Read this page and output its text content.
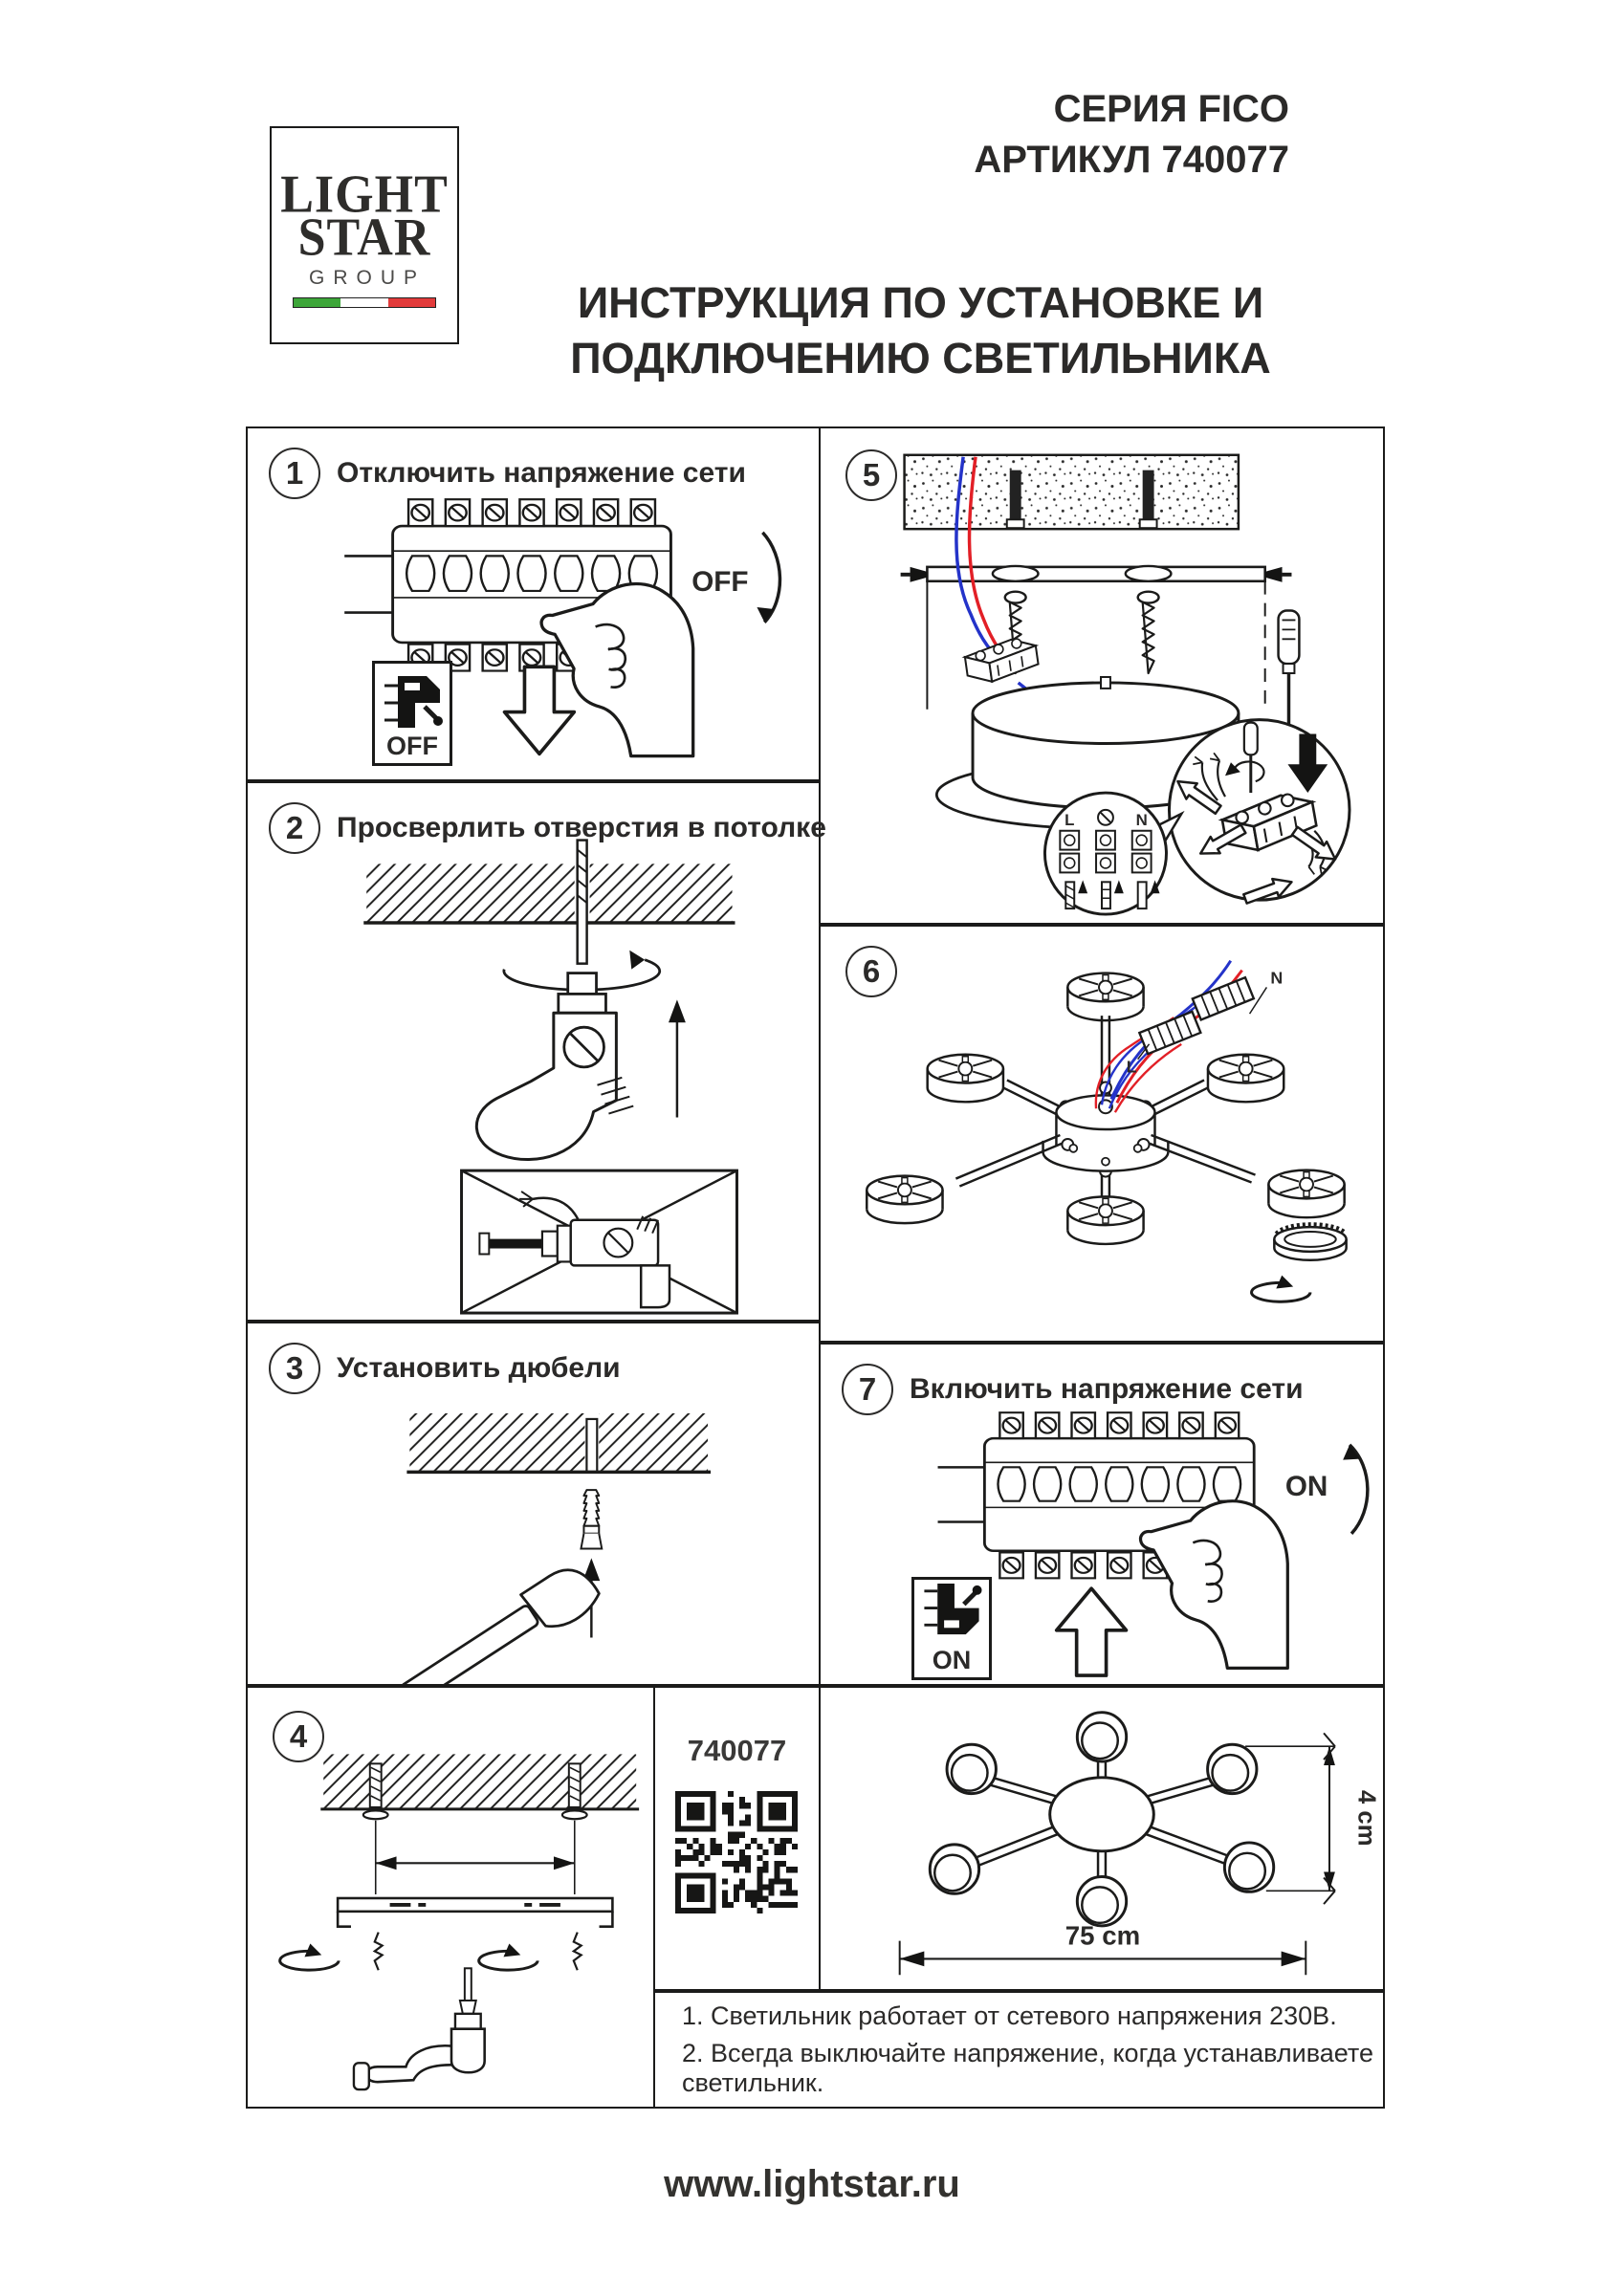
LIGHT
STAR
GROUP
СЕРИЯ FICO
АРТИКУЛ 740077
ИНСТРУКЦИЯ ПО УСТАНОВКЕ И
ПОДКЛЮЧЕНИЮ СВЕТИЛЬНИКА
1	Отключить напряжение сети
OFF
OFF
2	Просверлить отверстия в потолке
3	Установить дюбели
4
5
L	N
6	N
L
7	Включить напряжение сети
ON
ON
740077
4 cm
75 cm
1. Светильник работает от сетевого напряжения 230В.
2. Всегда выключайте напряжение, когда устанавливаете светильник.
www.lightstar.ru
